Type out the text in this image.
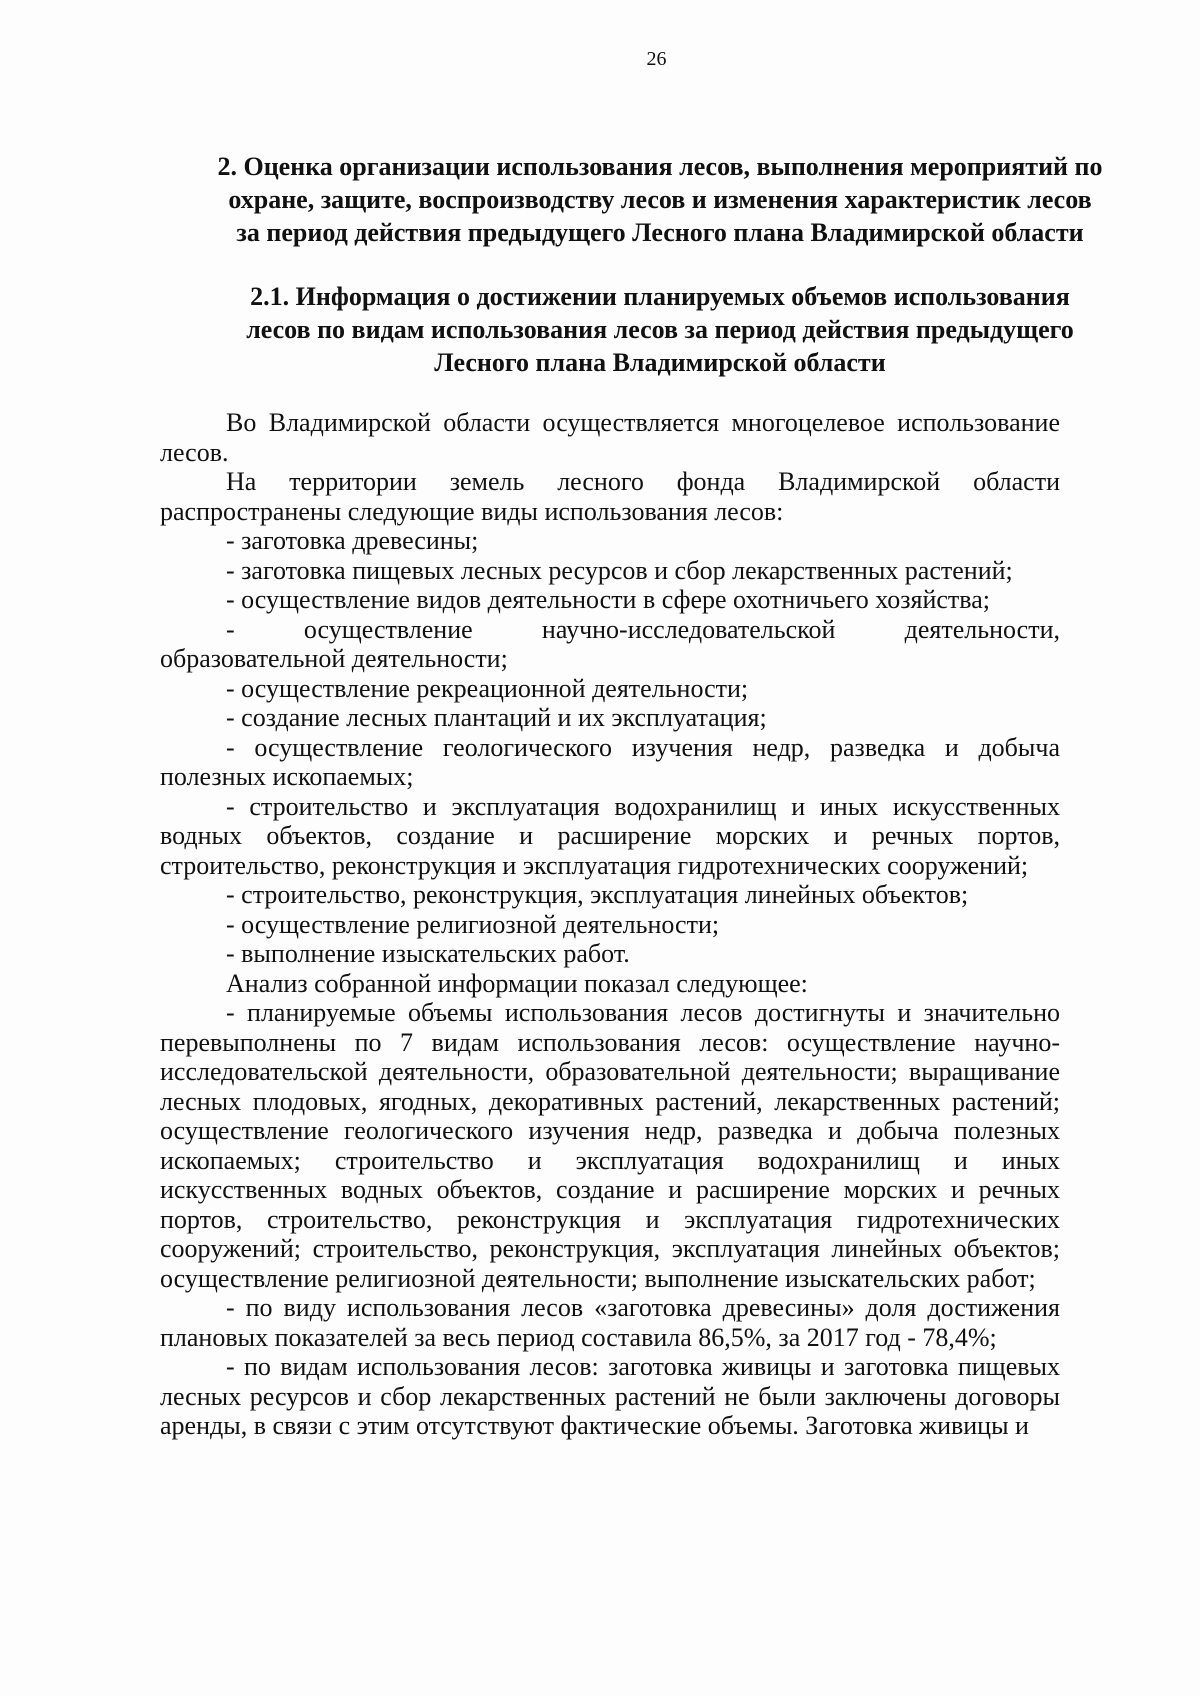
26
2. Оценка организации использования лесов, выполнения мероприятий по
охране, защите, воспроизводству лесов и изменения характеристик лесов
за период действия предыдущего Лесного плана Владимирской области
2.1. Информация о достижении планируемых объемов использования
лесов по видам использования лесов за период действия предыдущего
Лесного плана Владимирской области

Во Владимирской области осуществляется многоцелевое использование лесов.

На территории земель лесного фонда Владимирской области распространены следующие виды использования лесов:

- заготовка древесины;

- заготовка пищевых лесных ресурсов и сбор лекарственных растений;

- осуществление видов деятельности в сфере охотничьего хозяйства;

- осуществление научно-исследовательской деятельности, образовательной деятельности;

- осуществление рекреационной деятельности;

- создание лесных плантаций и их эксплуатация;

- осуществление геологического изучения недр, разведка и добыча полезных ископаемых;

- строительство и эксплуатация водохранилищ и иных искусственных водных объектов, создание и расширение морских и речных портов, строительство, реконструкция и эксплуатация гидротехнических сооружений;

- строительство, реконструкция, эксплуатация линейных объектов;

- осуществление религиозной деятельности;

- выполнение изыскательских работ.

Анализ собранной информации показал следующее:

- планируемые объемы использования лесов достигнуты и значительно перевыполнены по 7 видам использования лесов: осуществление научно-исследовательской деятельности, образовательной деятельности; выращивание лесных плодовых, ягодных, декоративных растений, лекарственных растений; осуществление геологического изучения недр, разведка и добыча полезных ископаемых; строительство и эксплуатация водохранилищ и иных искусственных водных объектов, создание и расширение морских и речных портов, строительство, реконструкция и эксплуатация гидротехнических сооружений; строительство, реконструкция, эксплуатация линейных объектов; осуществление религиозной деятельности; выполнение изыскательских работ;

- по виду использования лесов «заготовка древесины» доля достижения плановых показателей за весь период составила 86,5%, за 2017 год - 78,4%;

- по видам использования лесов: заготовка живицы и заготовка пищевых лесных ресурсов и сбор лекарственных растений не были заключены договоры аренды, в связи с этим отсутствуют фактические объемы. Заготовка живицы и
